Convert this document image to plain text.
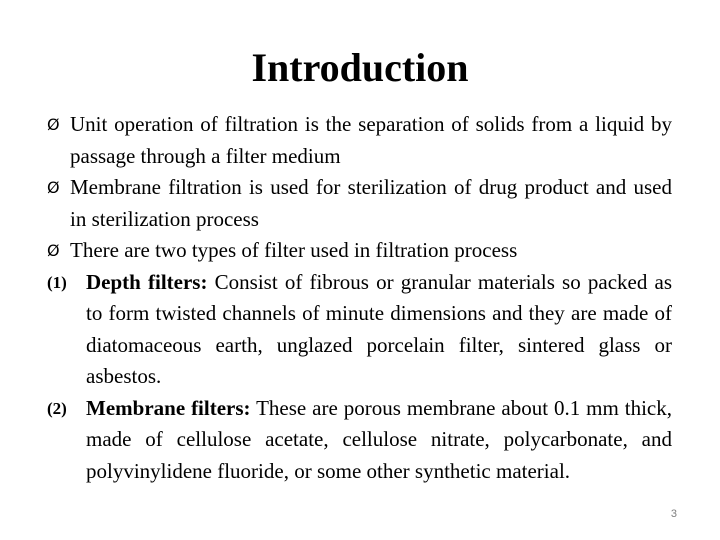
Introduction
Ø Unit operation of filtration is the separation of solids from a liquid by passage through a filter medium
Ø Membrane filtration is used for sterilization of drug product and used in sterilization process
Ø There are two types of filter used in filtration process
(1) Depth filters: Consist of fibrous or granular materials so packed as to form twisted channels of minute dimensions and they are made of diatomaceous earth, unglazed porcelain filter, sintered glass or asbestos.
(2) Membrane filters: These are porous membrane about 0.1 mm thick, made of cellulose acetate, cellulose nitrate, polycarbonate, and polyvinylidene fluoride, or some other synthetic material.
3
